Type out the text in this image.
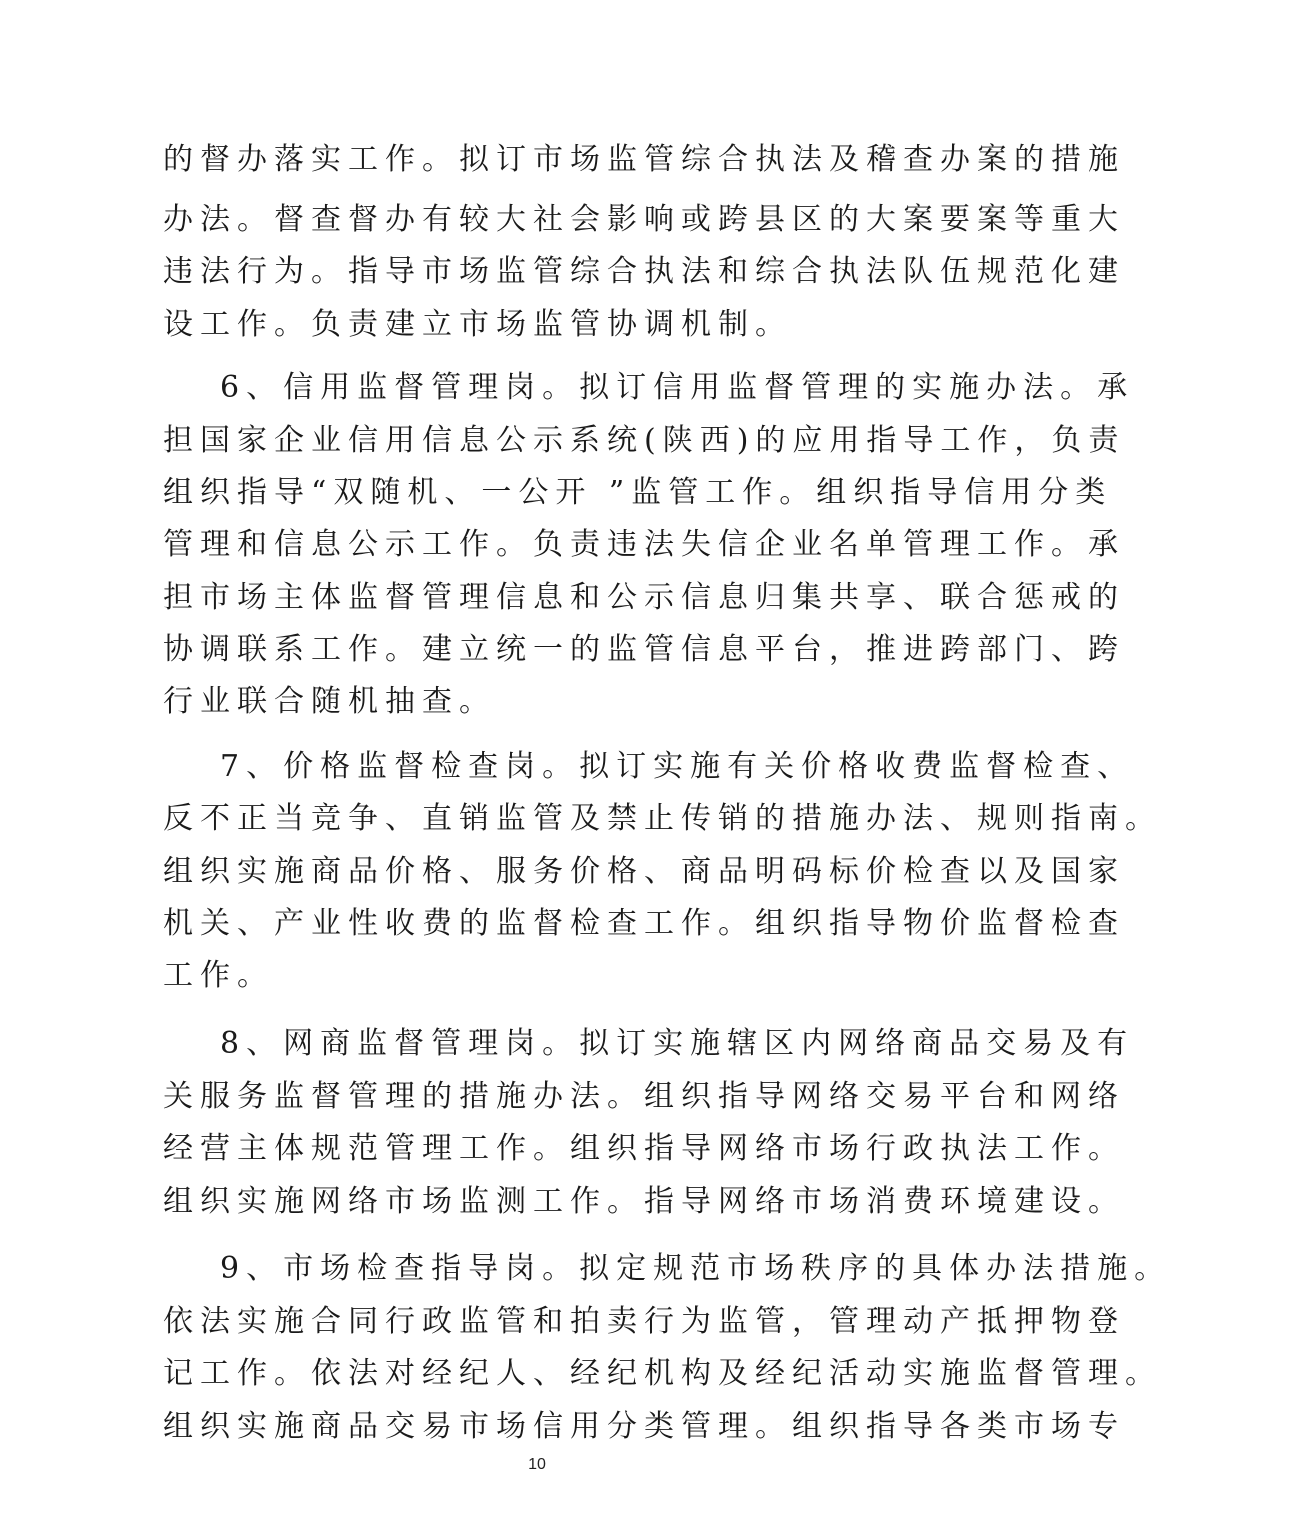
的督办落实工作。拟订市场监管综合执法及稽查办案的措施
办法。督查督办有较大社会影响或跨县区的大案要案等重大
违法行为。指导市场监管综合执法和综合执法队伍规范化建
设工作。负责建立市场监管协调机制。
6、信用监督管理岗。拟订信用监督管理的实施办法。承
担国家企业信用信息公示系统(陕西)的应用指导工作，负责
组织指导“双随机、一公开 ”监管工作。组织指导信用分类
管理和信息公示工作。负责违法失信企业名单管理工作。承
担市场主体监督管理信息和公示信息归集共享、联合惩戒的
协调联系工作。建立统一的监管信息平台，推进跨部门、跨
行业联合随机抽查。
7、价格监督检查岗。拟订实施有关价格收费监督检查、
反不正当竞争、直销监管及禁止传销的措施办法、规则指南。
组织实施商品价格、服务价格、商品明码标价检查以及国家
机关、产业性收费的监督检查工作。组织指导物价监督检查
工作。
8、网商监督管理岗。拟订实施辖区内网络商品交易及有
关服务监督管理的措施办法。组织指导网络交易平台和网络
经营主体规范管理工作。组织指导网络市场行政执法工作。
组织实施网络市场监测工作。指导网络市场消费环境建设。
9、市场检查指导岗。拟定规范市场秩序的具体办法措施。
依法实施合同行政监管和拍卖行为监管，管理动产抵押物登
记工作。依法对经纪人、经纪机构及经纪活动实施监督管理。
组织实施商品交易市场信用分类管理。组织指导各类市场专
10
